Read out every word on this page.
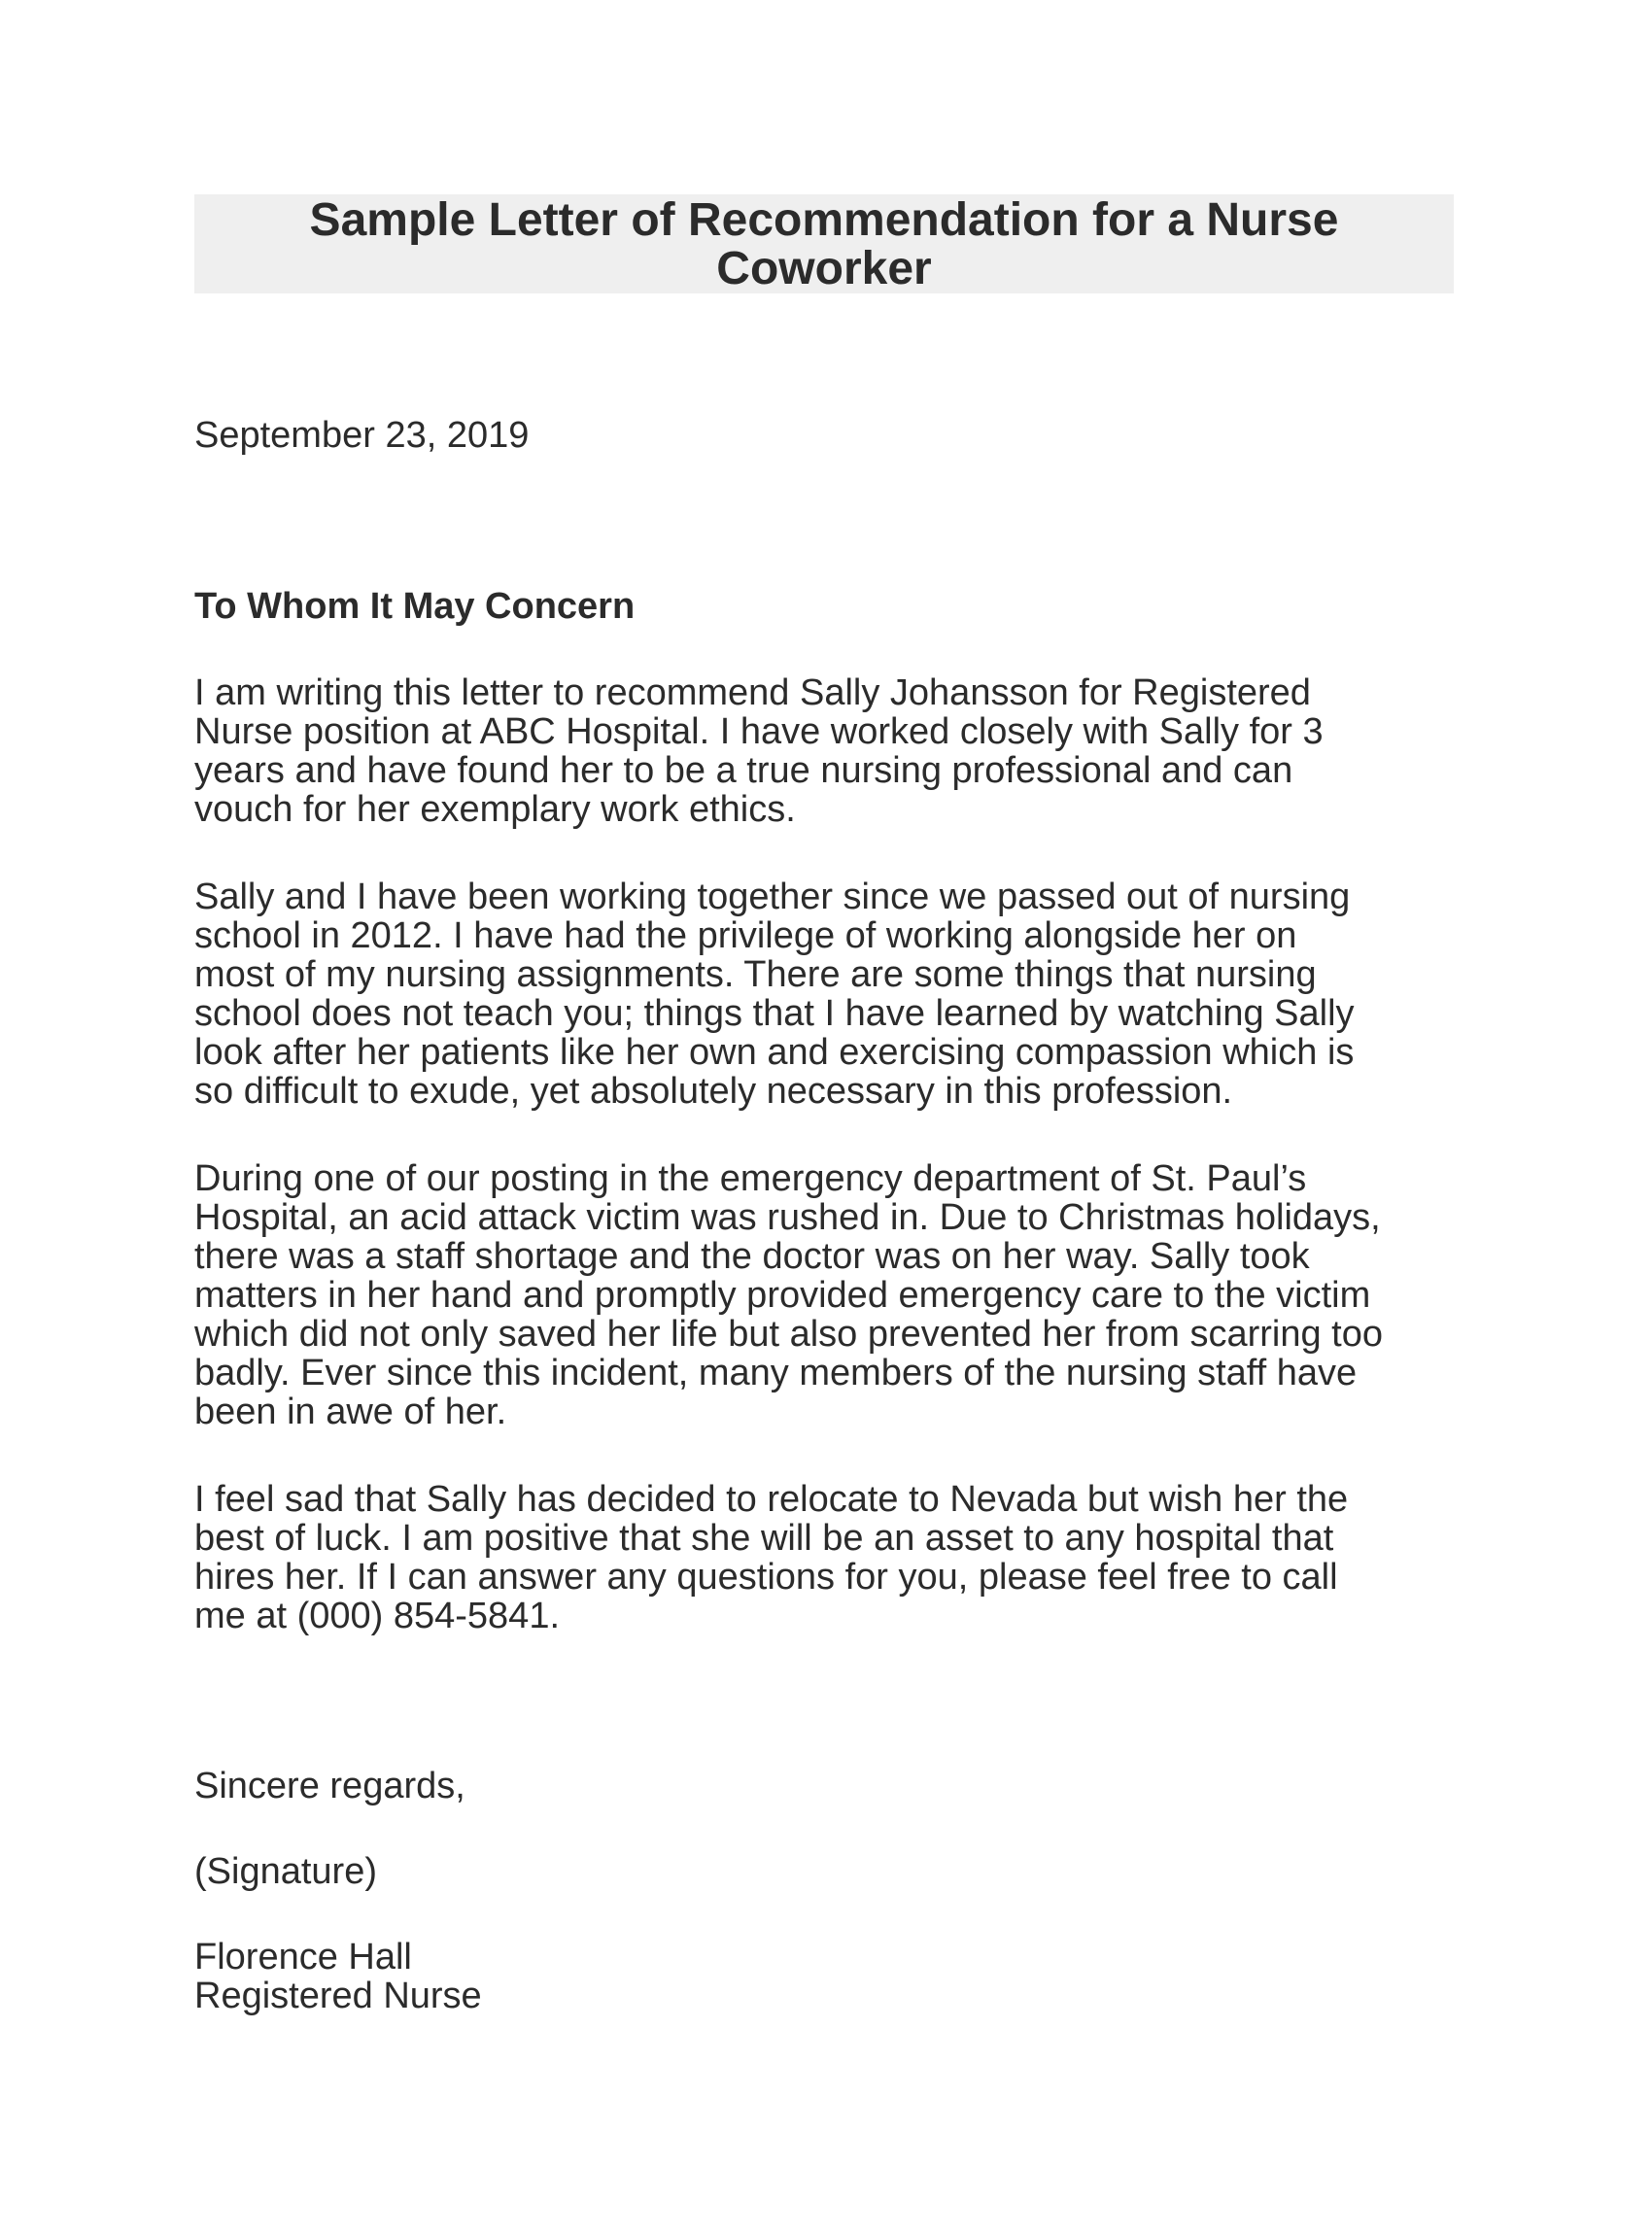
Sample Letter of Recommendation for a Nurse
Coworker
September 23, 2019
To Whom It May Concern
I am writing this letter to recommend Sally Johansson for Registered
Nurse position at ABC Hospital. I have worked closely with Sally for 3
years and have found her to be a true nursing professional and can
vouch for her exemplary work ethics.
Sally and I have been working together since we passed out of nursing
school in 2012. I have had the privilege of working alongside her on
most of my nursing assignments. There are some things that nursing
school does not teach you; things that I have learned by watching Sally
look after her patients like her own and exercising compassion which is
so difficult to exude, yet absolutely necessary in this profession.
During one of our posting in the emergency department of St. Paul’s
Hospital, an acid attack victim was rushed in. Due to Christmas holidays,
there was a staff shortage and the doctor was on her way. Sally took
matters in her hand and promptly provided emergency care to the victim
which did not only saved her life but also prevented her from scarring too
badly. Ever since this incident, many members of the nursing staff have
been in awe of her.
I feel sad that Sally has decided to relocate to Nevada but wish her the
best of luck. I am positive that she will be an asset to any hospital that
hires her. If I can answer any questions for you, please feel free to call
me at (000) 854-5841.
Sincere regards,
(Signature)
Florence Hall
Registered Nurse
